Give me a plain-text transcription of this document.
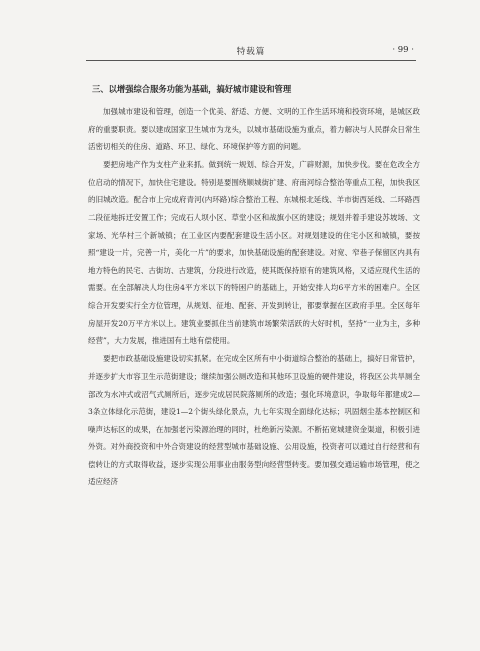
特载篇	· 99 ·
三、以增强综合服务功能为基础，搞好城市建设和管理

加强城市建设和管理，创造一个优美、舒适、方便、文明的工作生活环境和投资环境，是城区政府的重要职责。要以建成国家卫生城市为龙头，以城市基础设施为重点，着力解决与人民群众日常生活密切相关的住房、道路、环卫、绿化、环境保护等方面的问题。

要把房地产作为支柱产业来抓。做到统一规划、综合开发，广辟财源，加快步伐。要在危改全方位启动的情况下，加快住宅建设。特别是要围绕顺城街扩建、府南河综合整治等重点工程，加快我区的旧城改造。配合市上完成府青河(内环路)综合整治工程、东城根北延线、羊市街西延线、二环路西二段征地拆迁安置工作；完成石人坝小区、草堂小区和战旗小区的建设；规划并着手建设苏坡场、文家场、光华村三个新城镇；在工业区内要配套建设生活小区。对规划建设的住宅小区和城镇，要按照“建设一片，完善一片，美化一片”的要求，加快基础设施的配套建设。对宽、窄巷子保留区内具有地方特色的民宅、古街坊、古建筑，分段进行改造，使其既保持原有的建筑风格，又适应现代生活的需要。在全部解决人均住房4平方米以下的特困户的基础上，开始安排人均6平方米的困难户。全区综合开发要实行全方位管理，从规划、征地、配套、开发到转让，都要掌握在区政府手里。全区每年房屋开发20万平方米以上。建筑业要抓住当前建筑市场繁荣活跃的大好时机，坚持“一业为主，多种经营”，大力发展，推进国有土地有偿使用。

要把市政基础设施建设切实抓紧。在完成全区所有中小街道综合整治的基础上，搞好日常管护，并逐步扩大市容卫生示范街建设；继续加强公厕改造和其他环卫设施的硬件建设，将我区公共旱厕全部改为水冲式或沼气式厕所后，逐步完成居民院落厕所的改造；强化环境意识，争取每年都建成2—3条立体绿化示范街，建设1—2个街头绿化景点，九七年实现全面绿化达标；巩固烟尘基本控制区和噪声达标区的成果，在加强老污染源治理的同时，杜绝新污染源。不断拓宽城建资金渠道，积极引进外资。对外商投资和中外合资建设的经营型城市基础设施、公用设施，投资者可以通过自行经营和有偿转让的方式取得收益，逐步实现公用事业由服务型向经营型转变。要加强交通运输市场管理，使之适应经济
